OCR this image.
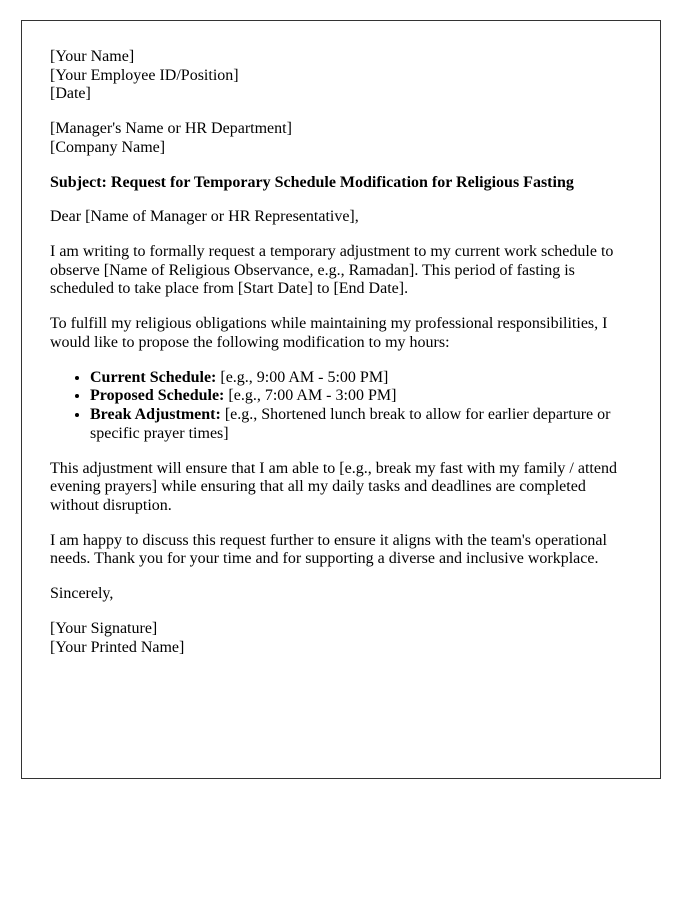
[Your Name]
[Your Employee ID/Position]
[Date]
[Manager's Name or HR Department]
[Company Name]

Subject: Request for Temporary Schedule Modification for Religious Fasting

Dear [Name of Manager or HR Representative],

I am writing to formally request a temporary adjustment to my current work schedule to observe [Name of Religious Observance, e.g., Ramadan]. This period of fasting is scheduled to take place from [Start Date] to [End Date].

To fulfill my religious obligations while maintaining my professional responsibilities, I would like to propose the following modification to my hours:

• Current Schedule: [e.g., 9:00 AM - 5:00 PM]
• Proposed Schedule: [e.g., 7:00 AM - 3:00 PM]
• Break Adjustment: [e.g., Shortened lunch break to allow for earlier departure or specific prayer times]

This adjustment will ensure that I am able to [e.g., break my fast with my family / attend evening prayers] while ensuring that all my daily tasks and deadlines are completed without disruption.

I am happy to discuss this request further to ensure it aligns with the team's operational needs. Thank you for your time and for supporting a diverse and inclusive workplace.

Sincerely,

[Your Signature]
[Your Printed Name]
